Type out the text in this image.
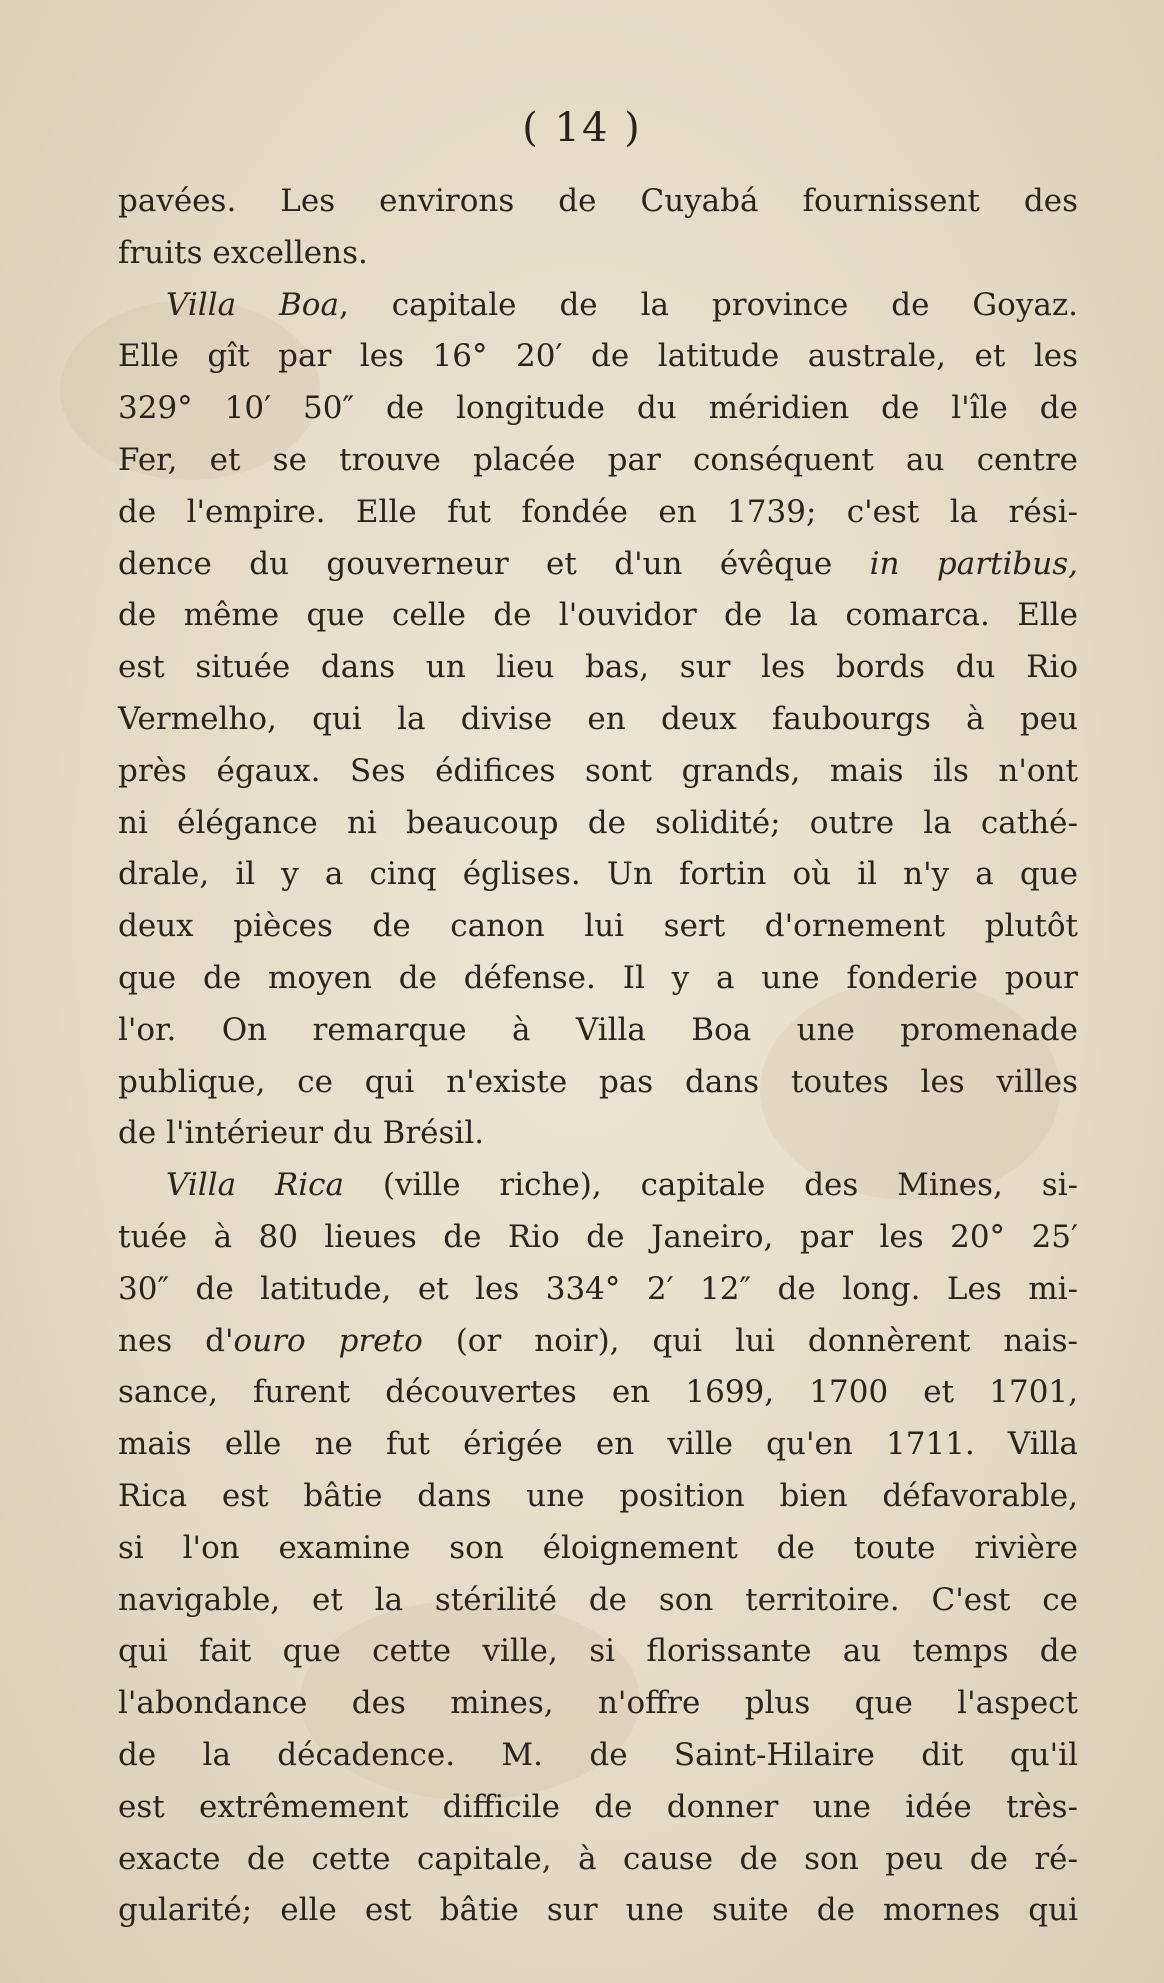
( 14 )
pavées. Les environs de Cuyabá fournissent des
fruits excellens.
Villa Boa, capitale de la province de Goyaz.
Elle gît par les 16° 20′ de latitude australe, et les
329° 10′ 50″ de longitude du méridien de l'île de
Fer, et se trouve placée par conséquent au centre
de l'empire. Elle fut fondée en 1739; c'est la rési-
dence du gouverneur et d'un évêque in partibus,
de même que celle de l'ouvidor de la comarca. Elle
est située dans un lieu bas, sur les bords du Rio
Vermelho, qui la divise en deux faubourgs à peu
près égaux. Ses édifices sont grands, mais ils n'ont
ni élégance ni beaucoup de solidité; outre la cathé-
drale, il y a cinq églises. Un fortin où il n'y a que
deux pièces de canon lui sert d'ornement plutôt
que de moyen de défense. Il y a une fonderie pour
l'or. On remarque à Villa Boa une promenade
publique, ce qui n'existe pas dans toutes les villes
de l'intérieur du Brésil.
Villa Rica (ville riche), capitale des Mines, si-
tuée à 80 lieues de Rio de Janeiro, par les 20° 25′
30″ de latitude, et les 334° 2′ 12″ de long. Les mi-
nes d'ouro preto (or noir), qui lui donnèrent nais-
sance, furent découvertes en 1699, 1700 et 1701,
mais elle ne fut érigée en ville qu'en 1711. Villa
Rica est bâtie dans une position bien défavorable,
si l'on examine son éloignement de toute rivière
navigable, et la stérilité de son territoire. C'est ce
qui fait que cette ville, si florissante au temps de
l'abondance des mines, n'offre plus que l'aspect
de la décadence. M. de Saint-Hilaire dit qu'il
est extrêmement difficile de donner une idée très-
exacte de cette capitale, à cause de son peu de ré-
gularité; elle est bâtie sur une suite de mornes qui
